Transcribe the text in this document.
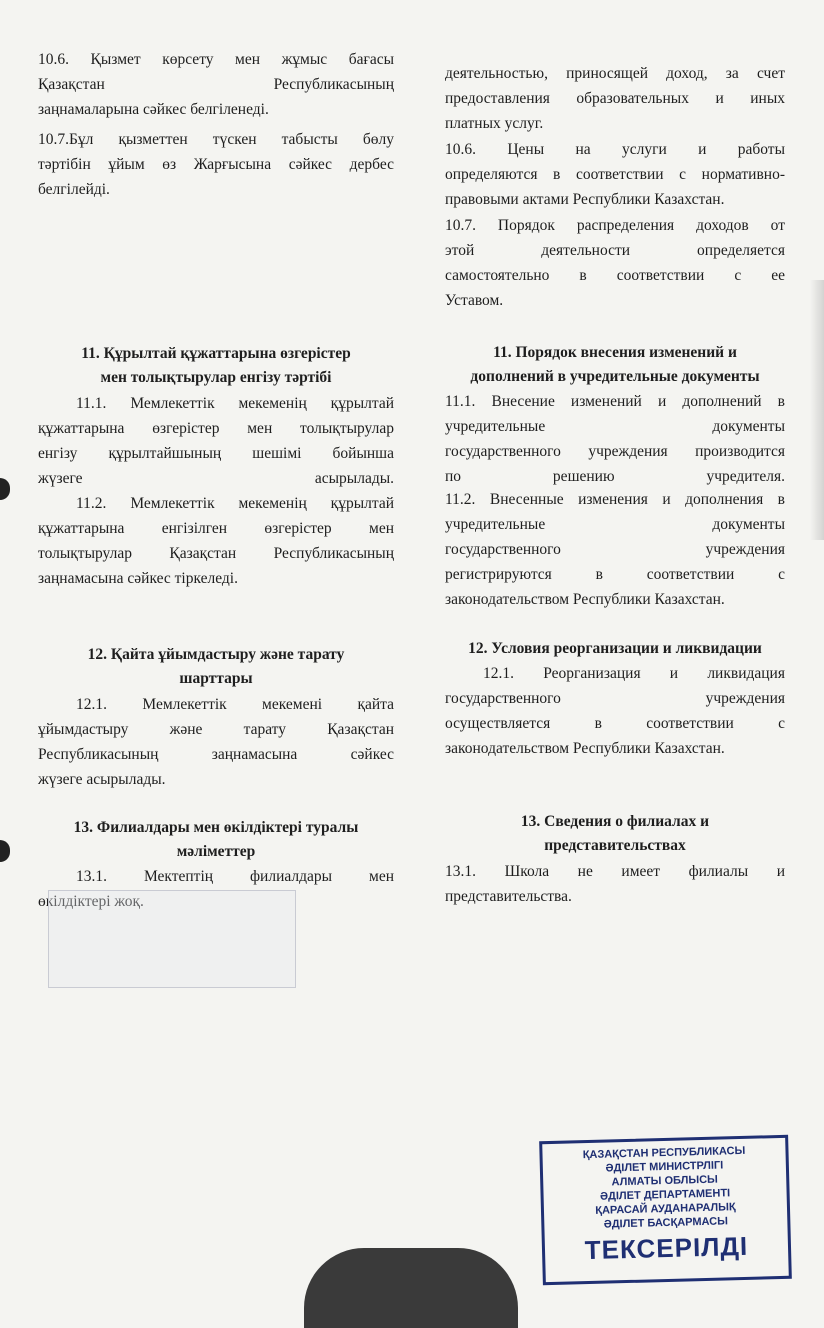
10.6. Қызмет көрсету мен жұмыс бағасы

Қазақстан Республикасының

заңнамаларына сәйкес белгіленеді.

10.7.Бұл қызметтен түскен табысты бөлу

тәртібін ұйым өз Жарғысына сәйкес дербес

белгілейді.

11. Құрылтай құжаттарына өзгерістер

мен толықтырулар енгізу тәртібі

11.1. Мемлекеттік мекеменің құрылтай

құжаттарына өзгерістер мен толықтырулар

енгізу құрылтайшының шешімі бойынша

жүзеге асырылады.

11.2. Мемлекеттік мекеменің құрылтай

құжаттарына енгізілген өзгерістер мен

толықтырулар Қазақстан Республикасының

заңнамасына сәйкес тіркеледі.

12. Қайта ұйымдастыру және тарату

шарттары

12.1. Мемлекеттік мекемені қайта

ұйымдастыру және тарату Қазақстан

Республикасының заңнамасына сәйкес

жүзеге асырылады.

13. Филиалдары мен өкілдіктері туралы

мәліметтер

13.1. Мектептің филиалдары мен

өкілдіктері жоқ.

деятельностью, приносящей доход, за счет

предоставления образовательных и иных

платных услуг.

10.6. Цены на услуги и работы

определяются в соответствии с нормативно-

правовыми актами Республики Казахстан.

10.7. Порядок распределения доходов от

этой деятельности определяется

самостоятельно в соответствии с ее

Уставом.

11. Порядок внесения изменений и

дополнений в учредительные документы

11.1. Внесение изменений и дополнений в

учредительные документы

государственного учреждения производится

по решению учредителя.

11.2. Внесенные изменения и дополнения в

учредительные документы

государственного учреждения

регистрируются в соответствии с

законодательством Республики Казахстан.

12. Условия реорганизации и ликвидации

12.1. Реорганизация и ликвидация

государственного учреждения

осуществляется в соответствии с

законодательством Республики Казахстан.

13. Сведения о филиалах и

представительствах

13.1. Школа не имеет филиалы и

представительства.

ҚАЗАҚСТАН РЕСПУБЛИКАСЫ
ӘДІЛЕТ МИНИСТРЛІГІ
АЛМАТЫ ОБЛЫСЫ
ӘДІЛЕТ ДЕПАРТАМЕНТІ
ҚАРАСАЙ АУДАНАРАЛЫҚ
ӘДІЛЕТ БАСҚАРМАСЫ
ТЕКСЕРІЛДІ
